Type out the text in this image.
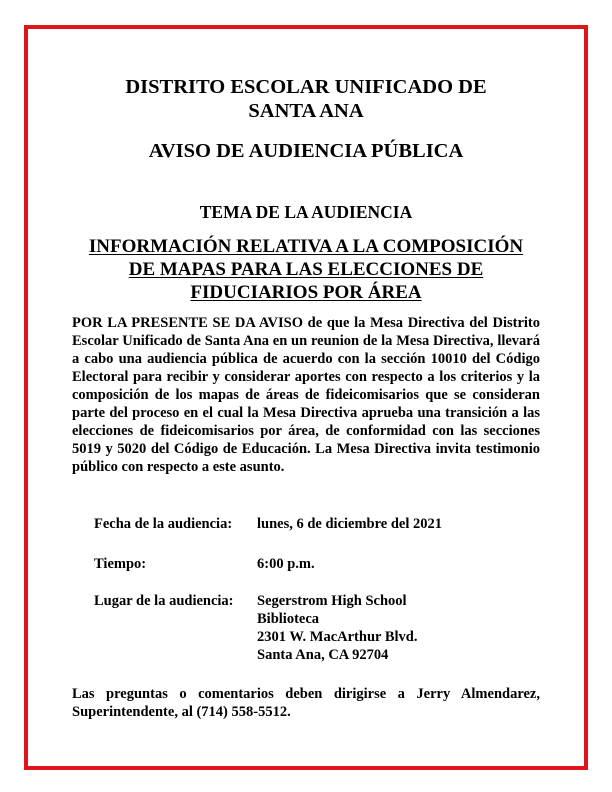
DISTRITO ESCOLAR UNIFICADO DE

SANTA ANA

AVISO DE AUDIENCIA PÚBLICA

TEMA DE LA AUDIENCIA

INFORMACIÓN RELATIVA A LA COMPOSICIÓN

DE MAPAS PARA LAS ELECCIONES DE

FIDUCIARIOS POR ÁREA

POR LA PRESENTE SE DA AVISO de que la Mesa Directiva del Distrito Escolar Unificado de Santa Ana en un reunion de la Mesa Directiva, llevará a cabo una audiencia pública de acuerdo con la sección 10010 del Código Electoral para recibir y considerar aportes con respecto a los criterios y la composición de los mapas de áreas de fideicomisarios que se consideran parte del proceso en el cual la Mesa Directiva aprueba una transición a las elecciones de fideicomisarios por área, de conformidad con las secciones 5019 y 5020 del Código de Educación. La Mesa Directiva invita testimonio público con respecto a este asunto.

Fecha de la audiencia: lunes, 6 de diciembre del 2021
Tiempo:	6:00 p.m.
Lugar de la audiencia: Segerstrom High School
Biblioteca
2301 W. MacArthur Blvd.
Santa Ana, CA 92704

Las preguntas o comentarios deben dirigirse a Jerry Almendarez, Superintendente, al (714) 558-5512.
